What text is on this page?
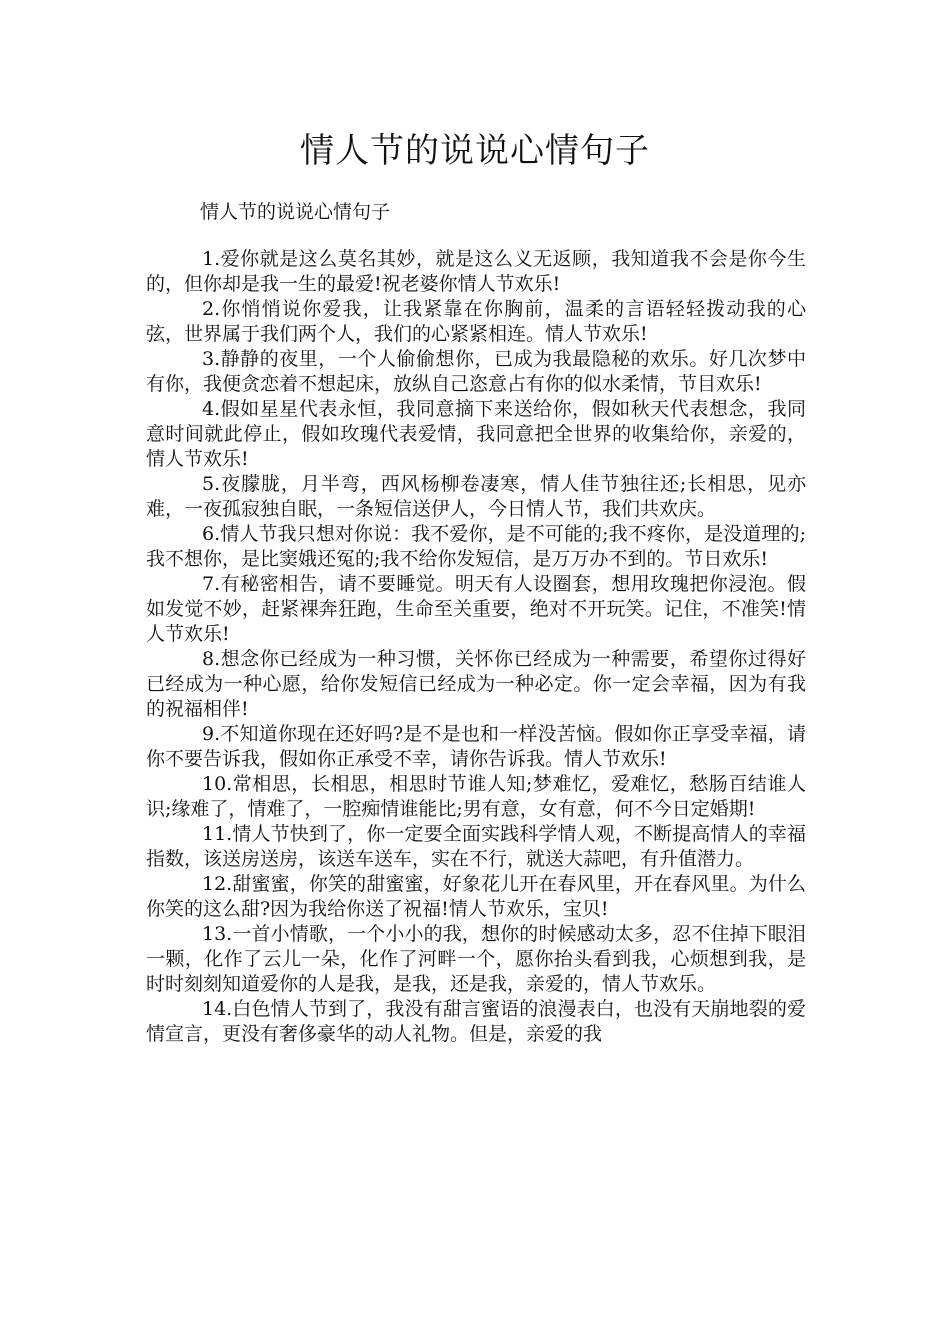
情人节的说说心情句子

情人节的说说心情句子

1.爱你就是这么莫名其妙，就是这么义无返顾，我知道我不会是你今生的，但你却是我一生的最爱!祝老婆你情人节欢乐!

2.你悄悄说你爱我，让我紧靠在你胸前，温柔的言语轻轻拨动我的心弦，世界属于我们两个人，我们的心紧紧相连。情人节欢乐!

3.静静的夜里，一个人偷偷想你，已成为我最隐秘的欢乐。好几次梦中有你，我便贪恋着不想起床，放纵自己恣意占有你的似水柔情，节目欢乐!

4.假如星星代表永恒，我同意摘下来送给你，假如秋天代表想念，我同意时间就此停止，假如玫瑰代表爱情，我同意把全世界的收集给你，亲爱的，情人节欢乐!

5.夜朦胧，月半弯，西风杨柳卷凄寒，情人佳节独往还;长相思，见亦难，一夜孤寂独自眠，一条短信送伊人，今日情人节，我们共欢庆。

6.情人节我只想对你说：我不爱你，是不可能的;我不疼你，是没道理的;我不想你，是比窦娥还冤的;我不给你发短信，是万万办不到的。节日欢乐!

7.有秘密相告，请不要睡觉。明天有人设圈套，想用玫瑰把你浸泡。假如发觉不妙，赶紧裸奔狂跑，生命至关重要，绝对不开玩笑。记住，不准笑!情人节欢乐!

8.想念你已经成为一种习惯，关怀你已经成为一种需要，希望你过得好已经成为一种心愿，给你发短信已经成为一种必定。你一定会幸福，因为有我的祝福相伴!

9.不知道你现在还好吗?是不是也和一样没苦恼。假如你正享受幸福，请你不要告诉我，假如你正承受不幸，请你告诉我。情人节欢乐!

10.常相思，长相思，相思时节谁人知;梦难忆，爱难忆，愁肠百结谁人识;缘难了，情难了，一腔痴情谁能比;男有意，女有意，何不今日定婚期!

11.情人节快到了，你一定要全面实践科学情人观，不断提高情人的幸福指数，该送房送房，该送车送车，实在不行，就送大蒜吧，有升值潜力。

12.甜蜜蜜，你笑的甜蜜蜜，好象花儿开在春风里，开在春风里。为什么你笑的这么甜?因为我给你送了祝福!情人节欢乐，宝贝!

13.一首小情歌，一个小小的我，想你的时候感动太多，忍不住掉下眼泪一颗，化作了云儿一朵，化作了河畔一个，愿你抬头看到我，心烦想到我，是时时刻刻知道爱你的人是我，是我，还是我，亲爱的，情人节欢乐。

14.白色情人节到了，我没有甜言蜜语的浪漫表白，也没有天崩地裂的爱情宣言，更没有奢侈豪华的动人礼物。但是，亲爱的我
